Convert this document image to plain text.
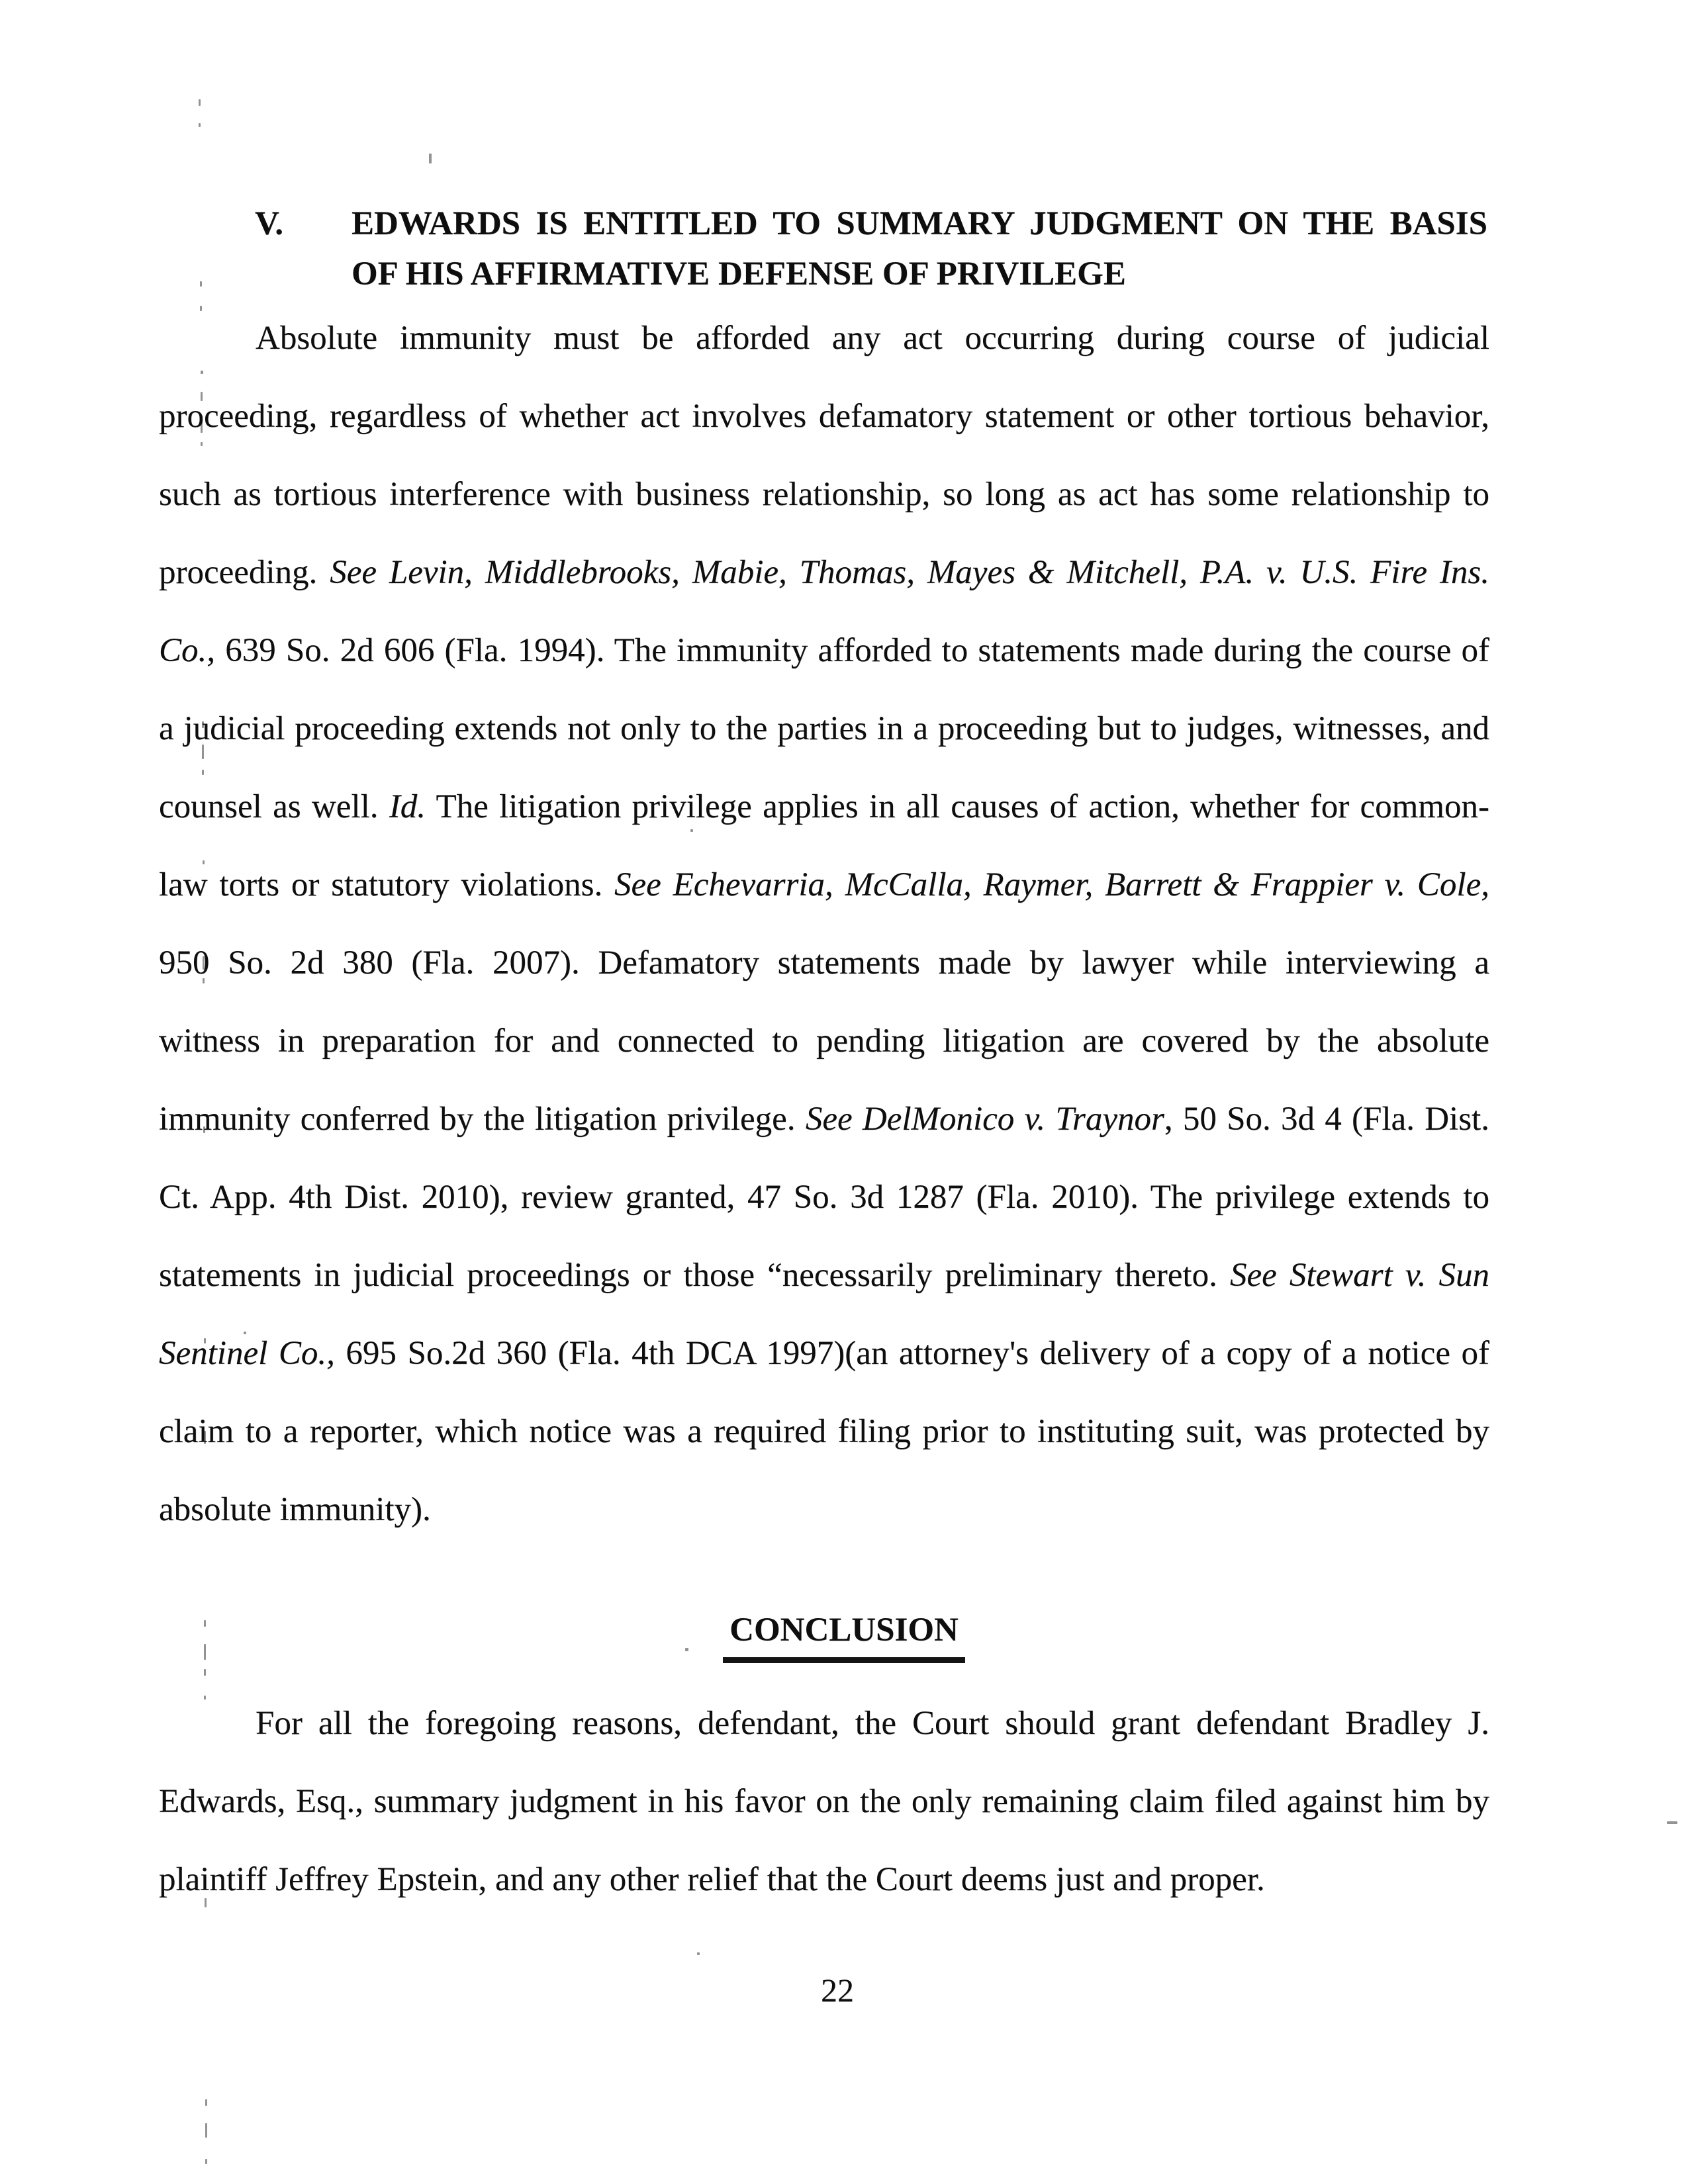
V.	EDWARDS IS ENTITLED TO SUMMARY JUDGMENT ON THE BASIS
OF HIS AFFIRMATIVE DEFENSE OF PRIVILEGE
Absolute immunity must be afforded any act occurring during course of judicial
proceeding, regardless of whether act involves defamatory statement or other tortious behavior,
such as tortious interference with business relationship, so long as act has some relationship to
proceeding. See Levin, Middlebrooks, Mabie, Thomas, Mayes & Mitchell, P.A. v. U.S. Fire Ins.
Co., 639 So. 2d 606 (Fla. 1994). The immunity afforded to statements made during the course of
a judicial proceeding extends not only to the parties in a proceeding but to judges, witnesses, and
counsel as well. Id. The litigation privilege applies in all causes of action, whether for common-
law torts or statutory violations. See Echevarria, McCalla, Raymer, Barrett & Frappier v. Cole,
950 So. 2d 380 (Fla. 2007). Defamatory statements made by lawyer while interviewing a
witness in preparation for and connected to pending litigation are covered by the absolute
immunity conferred by the litigation privilege. See DelMonico v. Traynor, 50 So. 3d 4 (Fla. Dist.
Ct. App. 4th Dist. 2010), review granted, 47 So. 3d 1287 (Fla. 2010). The privilege extends to
statements in judicial proceedings or those “necessarily preliminary thereto. See Stewart v. Sun
Sentinel Co., 695 So.2d 360 (Fla. 4th DCA 1997)(an attorney's delivery of a copy of a notice of
claim to a reporter, which notice was a required filing prior to instituting suit, was protected by
absolute immunity).
CONCLUSION
For all the foregoing reasons, defendant, the Court should grant defendant Bradley J.
Edwards, Esq., summary judgment in his favor on the only remaining claim filed against him by
plaintiff Jeffrey Epstein, and any other relief that the Court deems just and proper.
22
